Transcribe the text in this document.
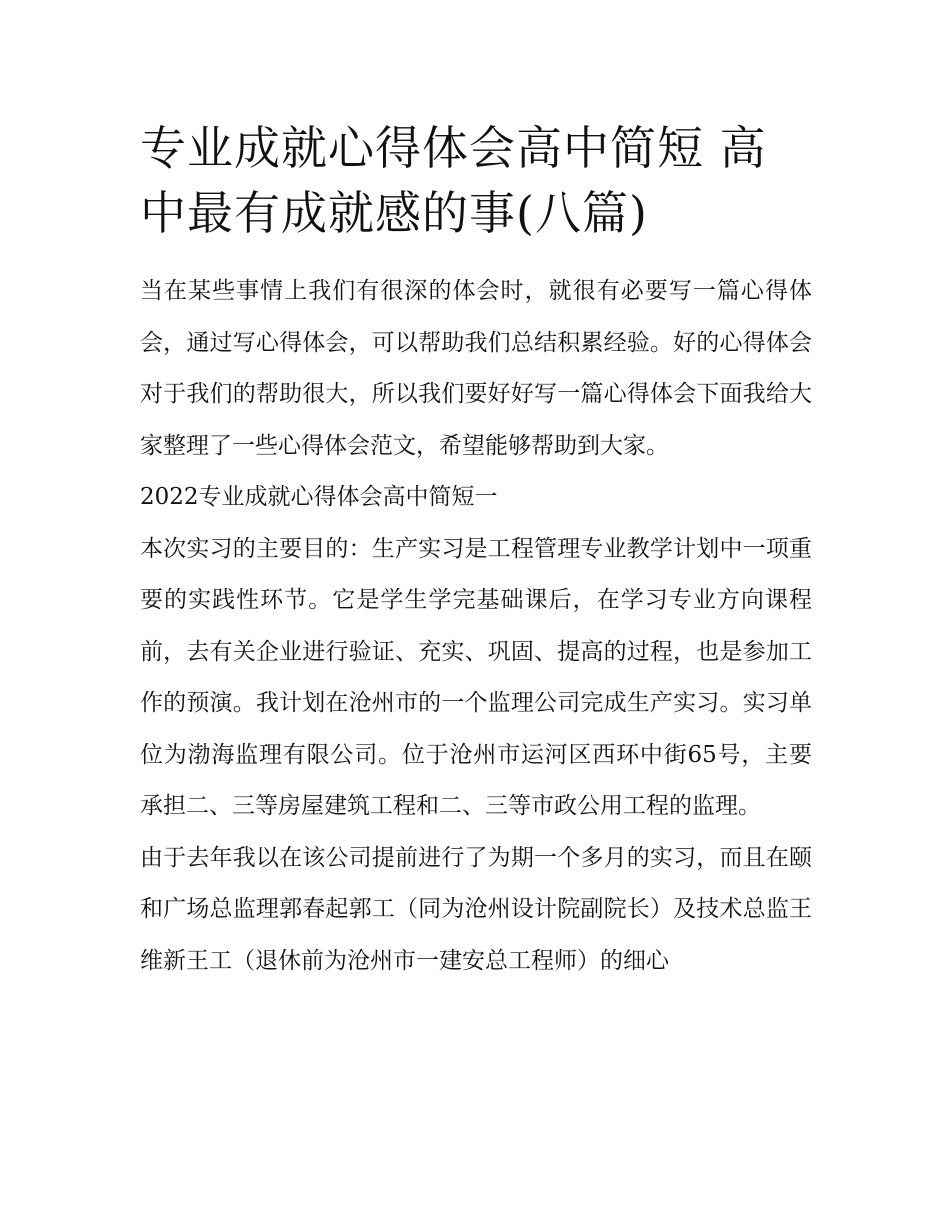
专业成就心得体会高中简短 高中最有成就感的事(八篇)

当在某些事情上我们有很深的体会时，就很有必要写一篇心得体会，通过写心得体会，可以帮助我们总结积累经验。好的心得体会对于我们的帮助很大，所以我们要好好写一篇心得体会下面我给大家整理了一些心得体会范文，希望能够帮助到大家。

2022专业成就心得体会高中简短一

本次实习的主要目的：生产实习是工程管理专业教学计划中一项重要的实践性环节。它是学生学完基础课后，在学习专业方向课程前，去有关企业进行验证、充实、巩固、提高的过程，也是参加工作的预演。我计划在沧州市的一个监理公司完成生产实习。实习单位为渤海监理有限公司。位于沧州市运河区西环中街65号，主要承担二、三等房屋建筑工程和二、三等市政公用工程的监理。

由于去年我以在该公司提前进行了为期一个多月的实习，而且在颐和广场总监理郭春起郭工（同为沧州设计院副院长）及技术总监王维新王工（退休前为沧州市一建安总工程师）的细心
